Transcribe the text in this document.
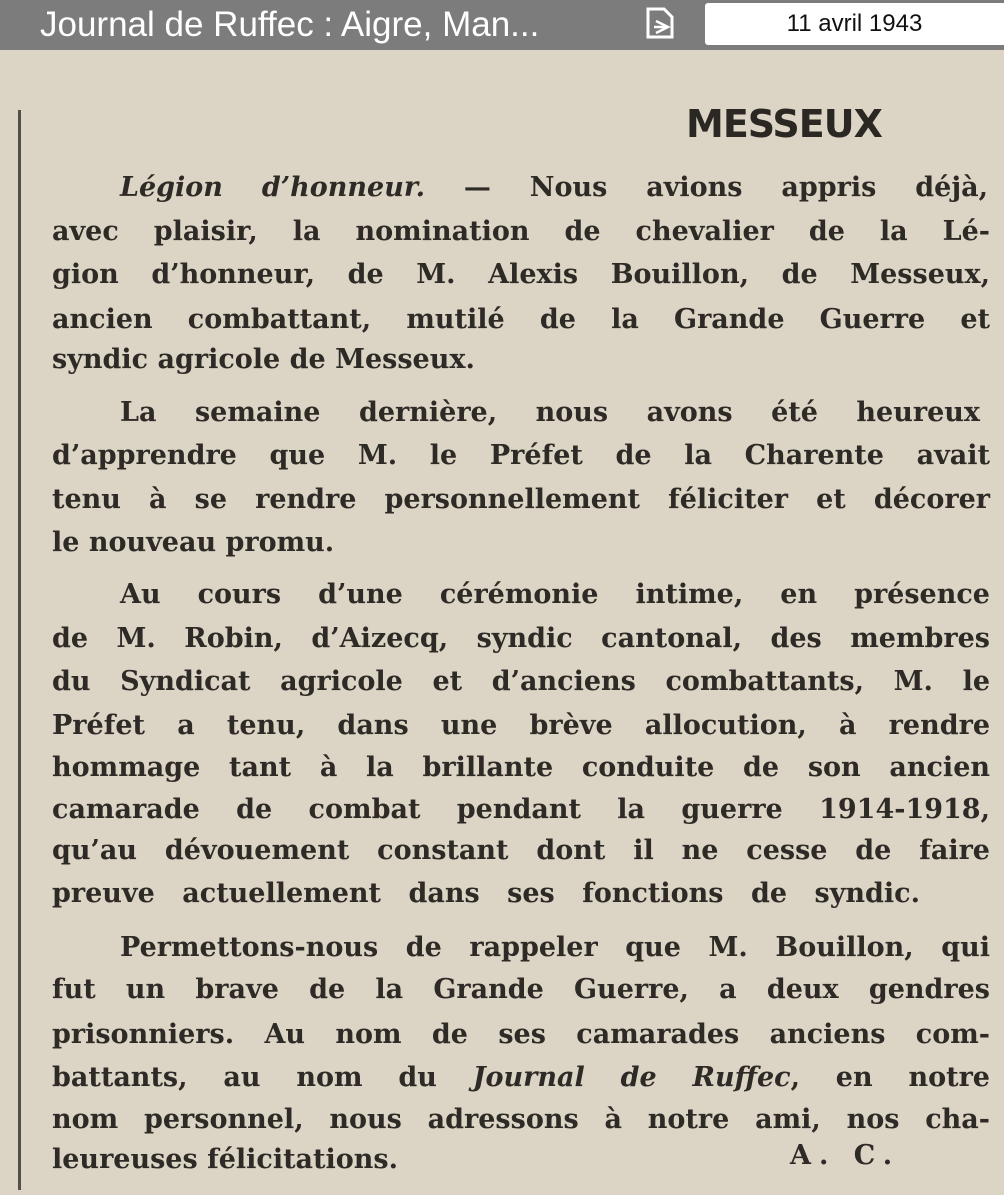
Journal de Ruffec : Aigre, Man...	11 avril 1943
MESSEUX
Légion d’honneur. — Nous avions appris déjà,
avec plaisir, la nomination de chevalier de la Lé-
gion d’honneur, de M. Alexis Bouillon, de Messeux,
ancien combattant, mutilé de la Grande Guerre et
syndic agricole de Messeux.
La semaine dernière, nous avons été heureux
d’apprendre que M. le Préfet de la Charente avait
tenu à se rendre personnellement féliciter et décorer
le nouveau promu.
Au cours d’une cérémonie intime, en présence
de M. Robin, d’Aizecq, syndic cantonal, des membres
du Syndicat agricole et d’anciens combattants, M. le
Préfet a tenu, dans une brève allocution, à rendre
hommage tant à la brillante conduite de son ancien
camarade de combat pendant la guerre 1914-1918,
qu’au dévouement constant dont il ne cesse de faire
preuve actuellement dans ses fonctions de syndic.
Permettons-nous de rappeler que M. Bouillon, qui
fut un brave de la Grande Guerre, a deux gendres
prisonniers. Au nom de ses camarades anciens com-
battants, au nom du Journal de Ruffec, en notre
nom personnel, nous adressons à notre ami, nos cha-
leureuses félicitations.	A. C.
